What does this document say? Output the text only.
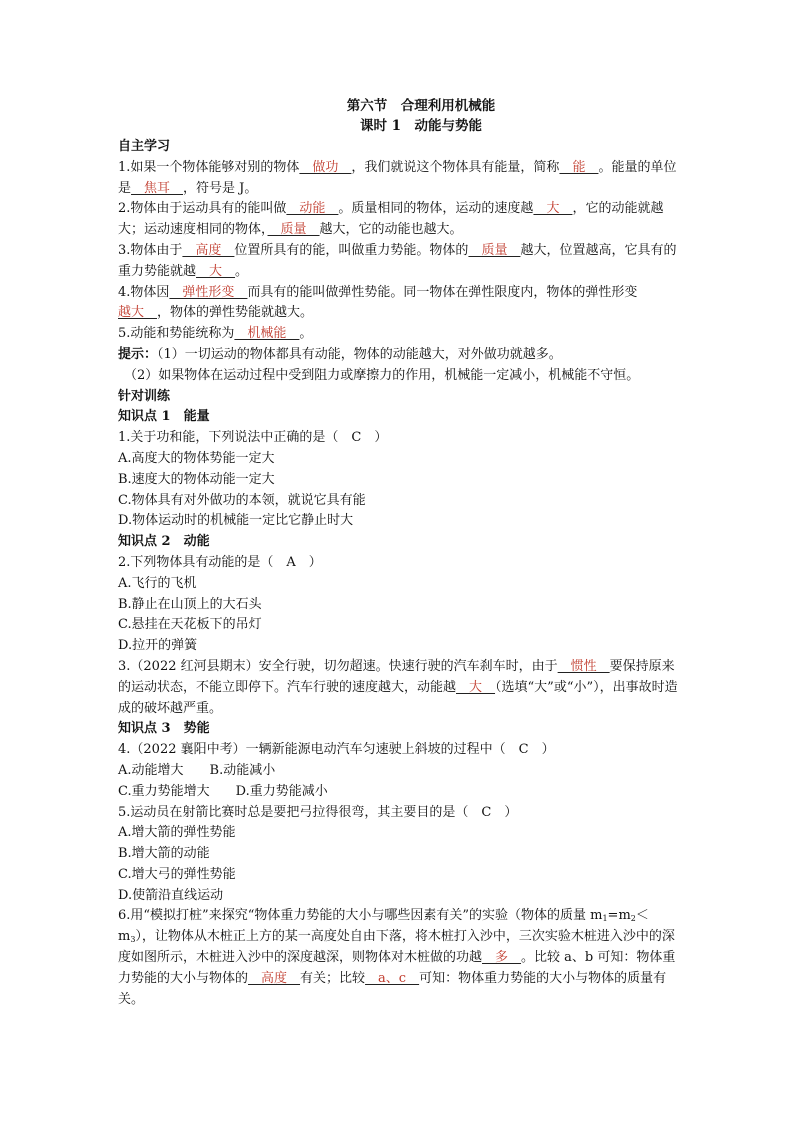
第六节　合理利用机械能
课时 1　动能与势能

自主学习

1.如果一个物体能够对别的物体　做功　，我们就说这个物体具有能量，简称　能　。能量的单位是　焦耳　，符号是 J。

2.物体由于运动具有的能叫做　动能　。质量相同的物体，运动的速度越　大　，它的动能就越大；运动速度相同的物体，　质量　越大，它的动能也越大。

3.物体由于　高度　位置所具有的能，叫做重力势能。物体的　质量　越大，位置越高，它具有的重力势能就越　大　。

4.物体因　弹性形变　而具有的能叫做弹性势能。同一物体在弹性限度内，物体的弹性形变越大　，物体的弹性势能就越大。

5.动能和势能统称为　机械能　。

提示：（1）一切运动的物体都具有动能，物体的动能越大，对外做功就越多。

（2）如果物体在运动过程中受到阻力或摩擦力的作用，机械能一定减小，机械能不守恒。

针对训练

知识点 1　能量

1.关于功和能，下列说法中正确的是（　C　）

A.高度大的物体势能一定大

B.速度大的物体动能一定大

C.物体具有对外做功的本领，就说它具有能

D.物体运动时的机械能一定比它静止时大

知识点 2　动能

2.下列物体具有动能的是（　A　）

A.飞行的飞机

B.静止在山顶上的大石头

C.悬挂在天花板下的吊灯

D.拉开的弹簧

3.（2022 红河县期末）安全行驶，切勿超速。快速行驶的汽车刹车时，由于　惯性　要保持原来的运动状态，不能立即停下。汽车行驶的速度越大，动能越　大　（选填“大”或“小”），出事故时造成的破坏越严重。

知识点 3　势能

4.（2022 襄阳中考）一辆新能源电动汽车匀速驶上斜坡的过程中（　C　）

A.动能增大　　B.动能减小

C.重力势能增大　　D.重力势能减小

5.运动员在射箭比赛时总是要把弓拉得很弯，其主要目的是（　C　）

A.增大箭的弹性势能

B.增大箭的动能

C.增大弓的弹性势能

D.使箭沿直线运动

6.用“模拟打桩”来探究“物体重力势能的大小与哪些因素有关”的实验（物体的质量 $m_1=m_2<m_3$），让物体从木桩正上方的某一高度处自由下落，将木桩打入沙中，三次实验木桩进入沙中的深度如图所示，木桩进入沙中的深度越深，则物体对木桩做的功越　多　。比较 a、b 可知：物体重力势能的大小与物体的　高度　有关；比较　a、c　可知：物体重力势能的大小与物体的质量有关。
